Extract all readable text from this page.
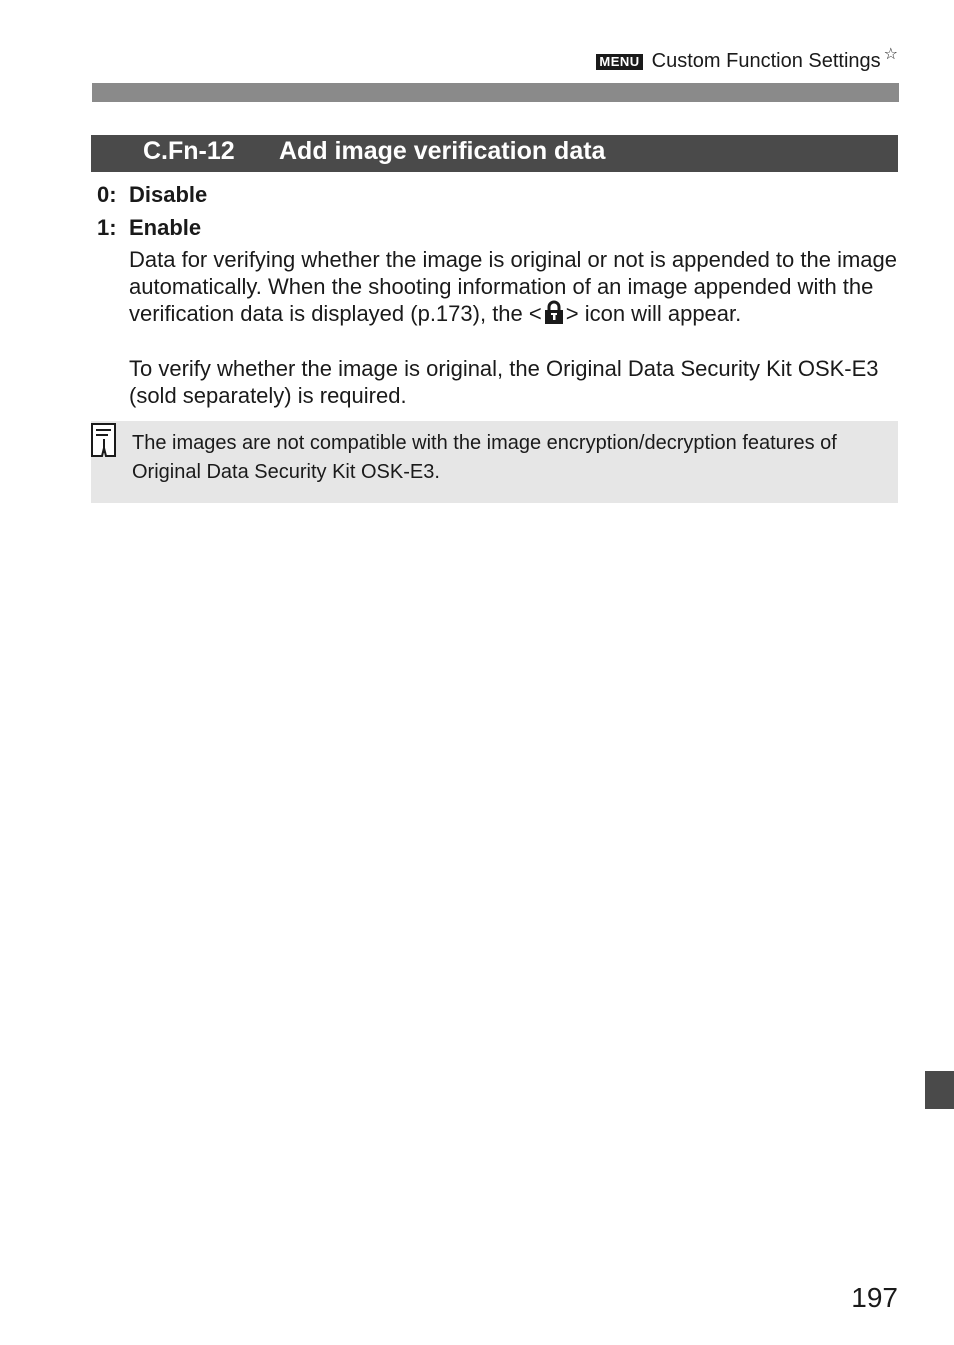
MENU Custom Function Settings ☆
C.Fn-12 Add image verification data
0: Disable
1: Enable
Data for verifying whether the image is original or not is appended to the image automatically. When the shooting information of an image appended with the verification data is displayed (p.173), the < > icon will appear.
To verify whether the image is original, the Original Data Security Kit OSK-E3 (sold separately) is required.
The images are not compatible with the image encryption/decryption features of Original Data Security Kit OSK-E3.
197
